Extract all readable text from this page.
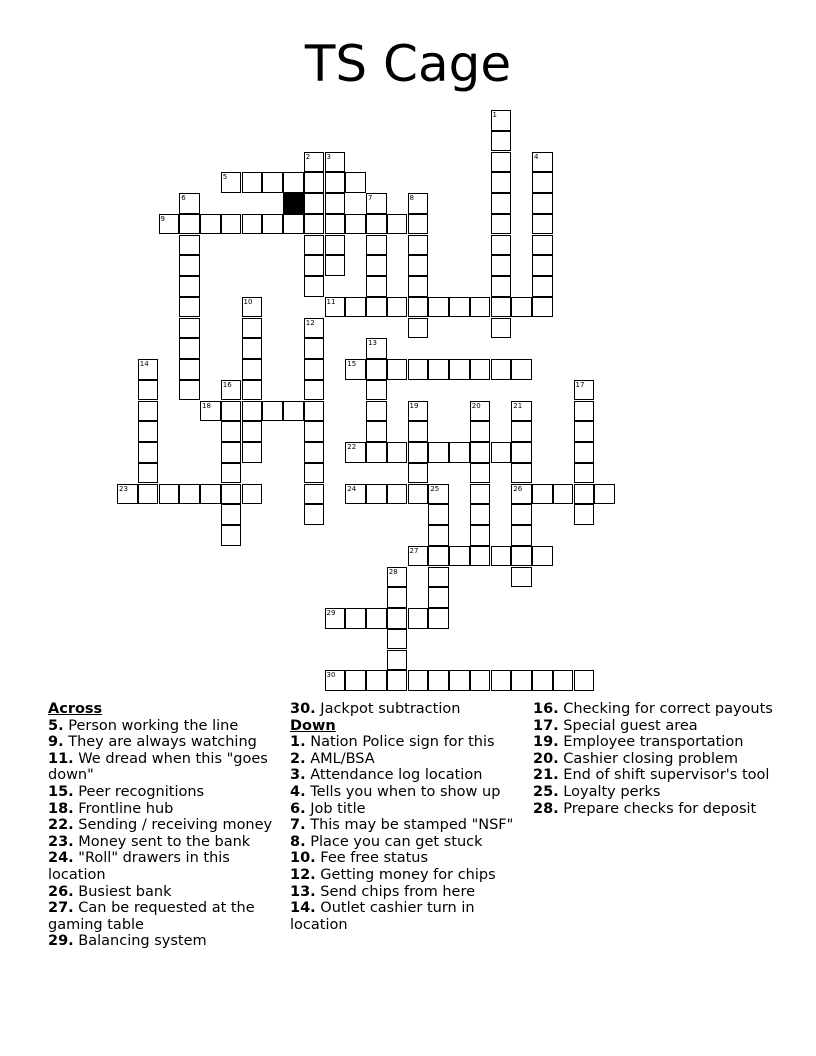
TS Cage
1
2 3	4
5
6	7	8
9
10	11
12
13
14	15
16	17
18	19	20	21
26
22
23	24	25
27
28
29
30

Across

5. Person working the line

9. They are always watching

11. We dread when this "goes down"

15. Peer recognitions

18. Frontline hub

22. Sending / receiving money

23. Money sent to the bank

24. "Roll" drawers in this location

26. Busiest bank

27. Can be requested at the gaming table

29. Balancing system

30. Jackpot subtraction

Down

1. Nation Police sign for this

2. AML/BSA

3. Attendance log location

4. Tells you when to show up

6. Job title

7. This may be stamped "NSF"

8. Place you can get stuck

10. Fee free status

12. Getting money for chips

13. Send chips from here

14. Outlet cashier turn in location

16. Checking for correct payouts

17. Special guest area

19. Employee transportation

20. Cashier closing problem

21. End of shift supervisor's tool

25. Loyalty perks

28. Prepare checks for deposit
